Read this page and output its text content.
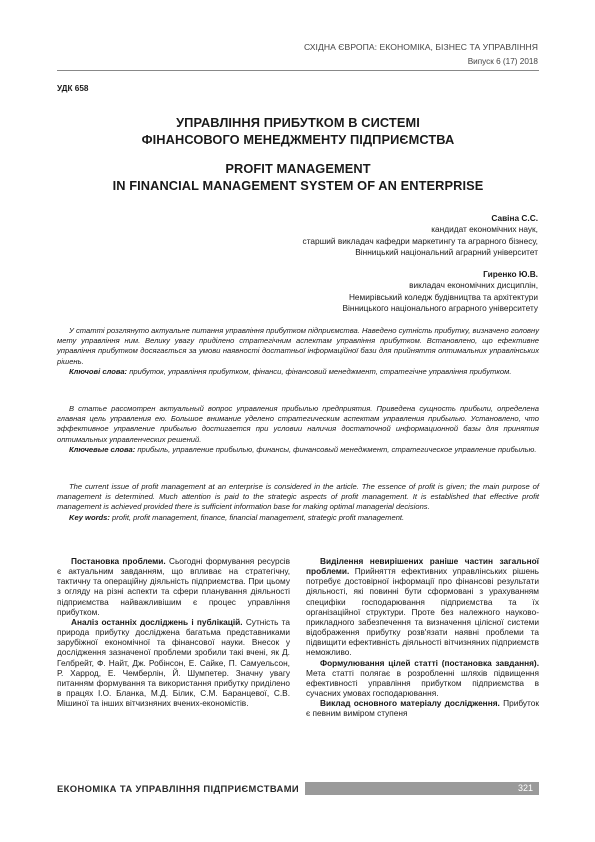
СХІДНА ЄВРОПА: ЕКОНОМІКА, БІЗНЕС ТА УПРАВЛІННЯ
Випуск 6 (17) 2018
УДК 658
УПРАВЛІННЯ ПРИБУТКОМ В СИСТЕМІ
ФІНАНСОВОГО МЕНЕДЖМЕНТУ ПІДПРИЄМСТВА
PROFIT MANAGEMENT
IN FINANCIAL MANAGEMENT SYSTEM OF AN ENTERPRISE
Савіна С.С.
кандидат економічних наук,
старший викладач кафедри маркетингу та аграрного бізнесу,
Вінницький національний аграрний університет
Гиренко Ю.В.
викладач економічних дисциплін,
Немирівський коледж будівництва та архітектури
Вінницького національного аграрного університету

У статті розглянуто актуальне питання управління прибутком підприємства. Наведено сутність прибутку, визначено головну мету управління ним. Велику увагу приділено стратегічним аспектам управління прибутком. Встановлено, що ефективне управління прибутком досягається за умови наявності достатньої інформаційної бази для прийняття оптимальних управлінських рішень.

Ключові слова: прибуток, управління прибутком, фінанси, фінансовий менеджмент, стратегічне управління прибутком.

В статье рассмотрен актуальный вопрос управления прибылью предприятия. Приведена сущность прибыли, определена главная цель управления ею. Большое внимание уделено стратегическим аспектам управления прибылью. Установлено, что эффективное управление прибылью достигается при условии наличия достаточной информационной базы для принятия оптимальных управленческих решений.

Ключевые слова: прибыль, управление прибылью, финансы, финансовый менеджмент, стратегическое управление прибылью.

The current issue of profit management at an enterprise is considered in the article. The essence of profit is given; the main purpose of management is determined. Much attention is paid to the strategic aspects of profit management. It is established that effective profit management is achieved provided there is sufficient information base for making optimal managerial decisions.

Key words: profit, profit management, finance, financial management, strategic profit management.

Постановка проблеми. Сьогодні формування ресурсів є актуальним завданням, що впливає на стратегічну, тактичну та операційну діяльність підприємства. При цьому з огляду на різні аспекти та сфери планування діяльності підприємства найважливішим є процес управління прибутком.

Аналіз останніх досліджень і публікацій. Сутність та природа прибутку досліджена багатьма представниками зарубіжної економічної та фінансової науки. Внесок у дослідження зазначеної проблеми зробили такі вчені, як Д. Гелбрейт, Ф. Найт, Дж. Робінсон, Е. Сайке, П. Самуельсон, Р. Харрод, Е. Чемберлін, Й. Шумпетер. Значну увагу питанням формування та використання прибутку приділено в працях І.О. Бланка, М.Д. Білик, С.М. Баранцевої, С.В. Мішиної та інших вітчизняних вчених-економістів.

Виділення невирішених раніше частин загальної проблеми. Прийняття ефективних управлінських рішень потребує достовірної інформації про фінансові результати діяльності, які повинні бути сформовані з урахуванням специфіки господарювання підприємства та їх організаційної структури. Проте без належного науково-прикладного забезпечення та визначення цілісної системи відображення прибутку розв'язати наявні проблеми та підвищити ефективність діяльності вітчизняних підприємств неможливо.

Формулювання цілей статті (постановка завдання). Мета статті полягає в розробленні шляхів підвищення ефективності управління прибутком підприємства в сучасних умовах господарювання.

Виклад основного матеріалу дослідження. Прибуток є певним виміром ступеня

ЕКОНОМІКА ТА УПРАВЛІННЯ ПІДПРИЄМСТВАМИ	321
